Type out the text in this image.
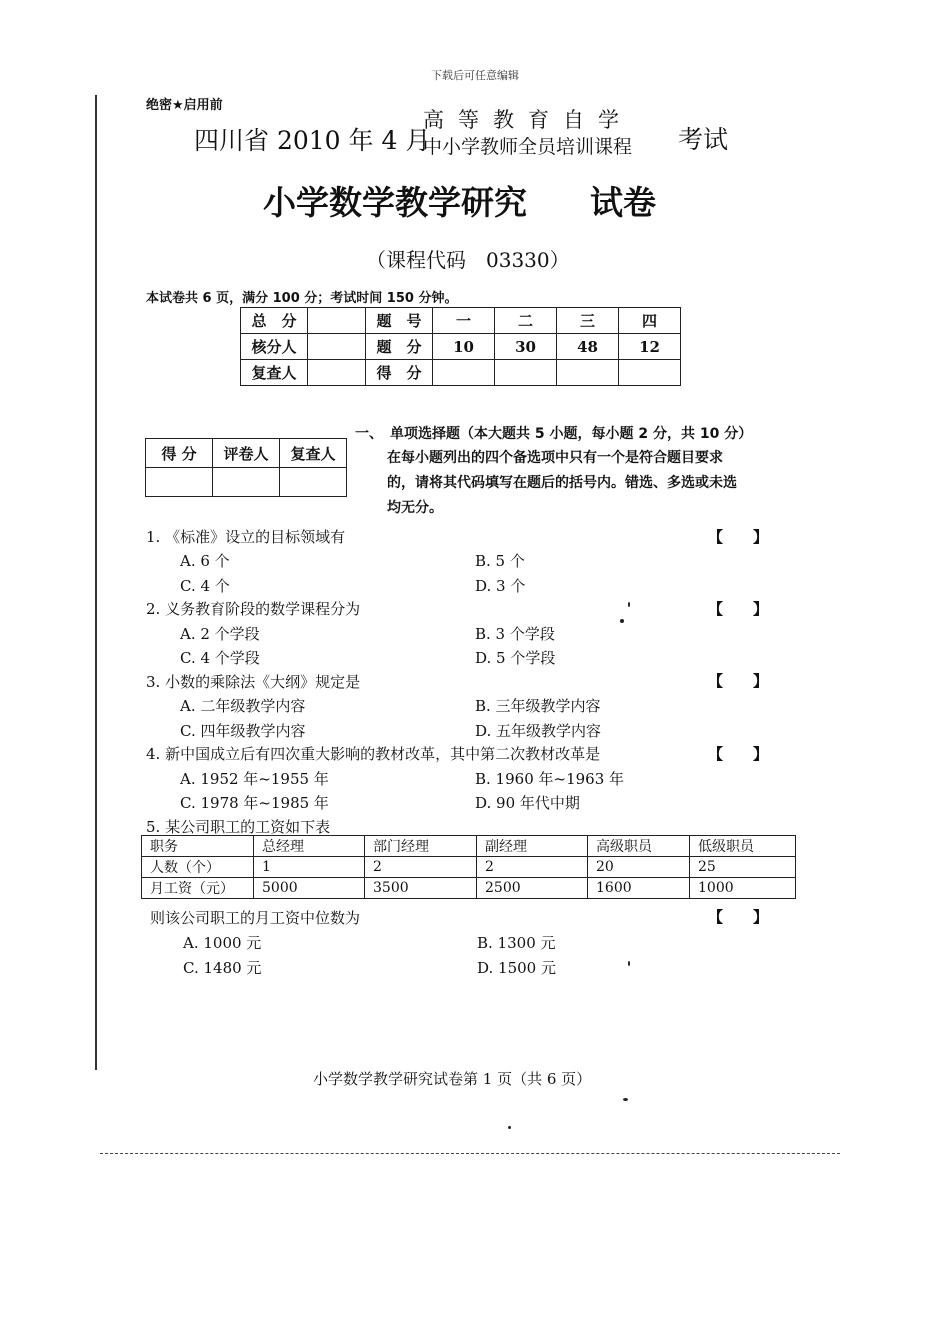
下载后可任意编辑
绝密★启用前
四川省 2010 年 4 月
高等教育自学
中小学教师全员培训课程 考试
小学数学教学研究 试卷
（课程代码　03330）
本试卷共 6 页，满分 100 分；考试时间 150 分钟。
总　分		题　号	一	二	三	四
核分人		题　分	10	30	48	12
复查人		得　分				
得 分	评卷人	复查人

一、 单项选择题（本大题共 5 小题，每小题 2 分，共 10 分）
在每小题列出的四个备选项中只有一个是符合题目要求
的，请将其代码填写在题后的括号内。错选、多选或未选
均无分。
1. 《标准》设立的目标领域有	【　　】
A. 6 个	B. 5 个
C. 4 个	D. 3 个
2. 义务教育阶段的数学课程分为	【　　】
A. 2 个学段	B. 3 个学段
C. 4 个学段	D. 5 个学段
3. 小数的乘除法《大纲》规定是	【　　】
A. 二年级教学内容	B. 三年级教学内容
C. 四年级教学内容	D. 五年级教学内容
4. 新中国成立后有四次重大影响的教材改革，其中第二次教材改革是	【　　】
A. 1952 年~1955 年	B. 1960 年~1963 年
C. 1978 年~1985 年	D. 90 年代中期
5. 某公司职工的工资如下表
职务	总经理	部门经理	副经理	高级职员	低级职员
人数（个）	1	2	2	20	25
月工资（元）	5000	3500	2500	1600	1000
则该公司职工的月工资中位数为	【　　】
A. 1000 元	B. 1300 元
C. 1480 元	D. 1500 元
小学数学教学研究试卷第 1 页（共 6 页）
